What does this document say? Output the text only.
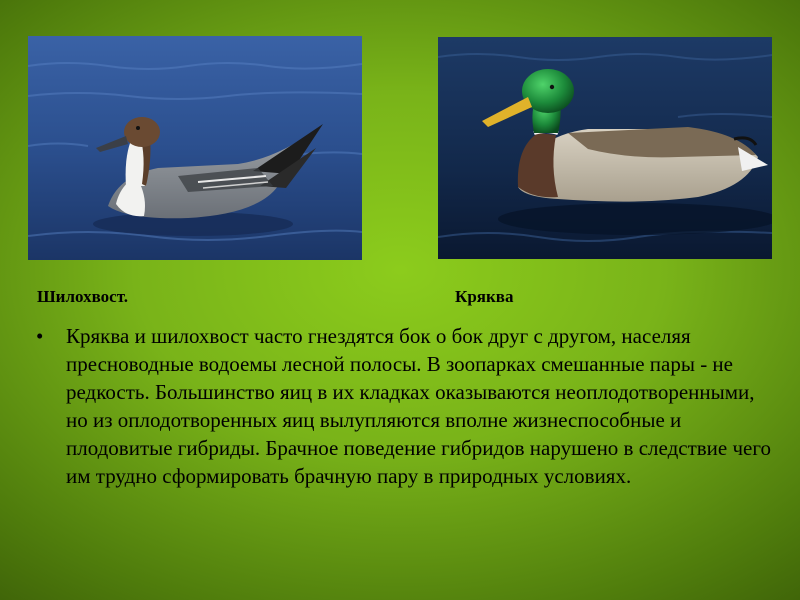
Шилохвост.	Кряква
• Кряква и шилохвост часто гнездятся бок о бок друг с другом, населяя пресноводные водоемы лесной полосы. В зоопарках смешанные пары - не редкость. Большинство яиц в их кладках оказываются неоплодотворенными, но из оплодотворенных яиц вылупляются вполне жизнеспособные и плодовитые гибриды. Брачное поведение гибридов нарушено в следствие чего им трудно сформировать брачную пару в природных условиях.
